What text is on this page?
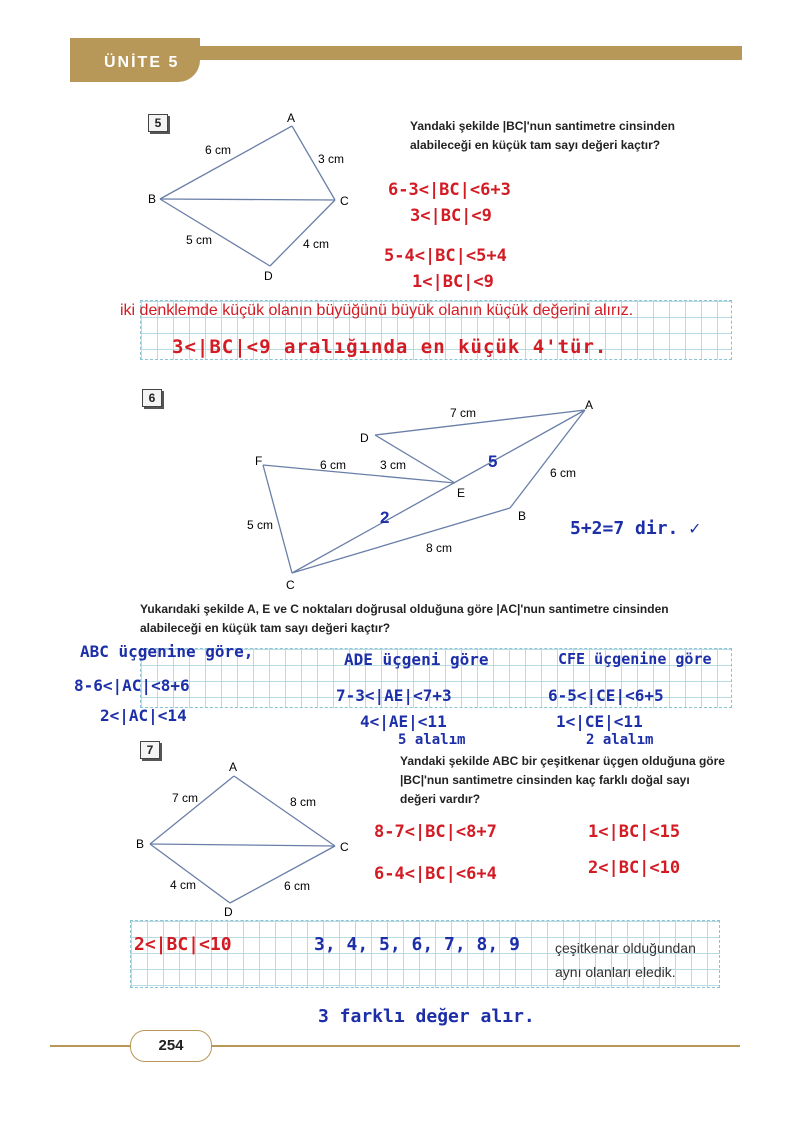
ÜNİTE 5
5	A
B	C
D
6 cm
3 cm
5 cm	4 cm
Yandaki şekilde |BC|'nun santimetre cinsinden alabileceği en küçük tam sayı değeri kaçtır?
6-3<|BC|<6+3
3<|BC|<9
5-4<|BC|<5+4
1<|BC|<9
iki denklemde küçük olanın büyüğünü büyük olanın küçük değerini alırız.
3<|BC|<9 aralığında en küçük 4'tür.
6	A
B
C
D
E
F
7 cm
6 cm	3 cm
6 cm
5 cm
8 cm
5
2
5+2=7 dir. ✓
Yukarıdaki şekilde A, E ve C noktaları doğrusal olduğuna göre |AC|'nun santimetre cinsinden alabileceği en küçük tam sayı değeri kaçtır?
ABC üçgenine göre,
8-6<|AC|<8+6
2<|AC|<14
ADE üçgeni göre
7-3<|AE|<7+3
4<|AE|<11
5 alalım
CFE üçgenine göre
6-5<|CE|<6+5
1<|CE|<11
2 alalım
7
A
B	C
D
7 cm	8 cm
4 cm	6 cm
Yandaki şekilde ABC bir çeşitkenar üçgen olduğuna göre |BC|'nun santimetre cinsinden kaç farklı doğal sayı değeri vardır?
8-7<|BC|<8+7	1<|BC|<15
6-4<|BC|<6+4	2<|BC|<10
2<|BC|<10	3, 4, 5, 6, 7, 8, 9	çeşitkenar olduğundan aynı olanları eledik.
3 farklı değer alır.
254
